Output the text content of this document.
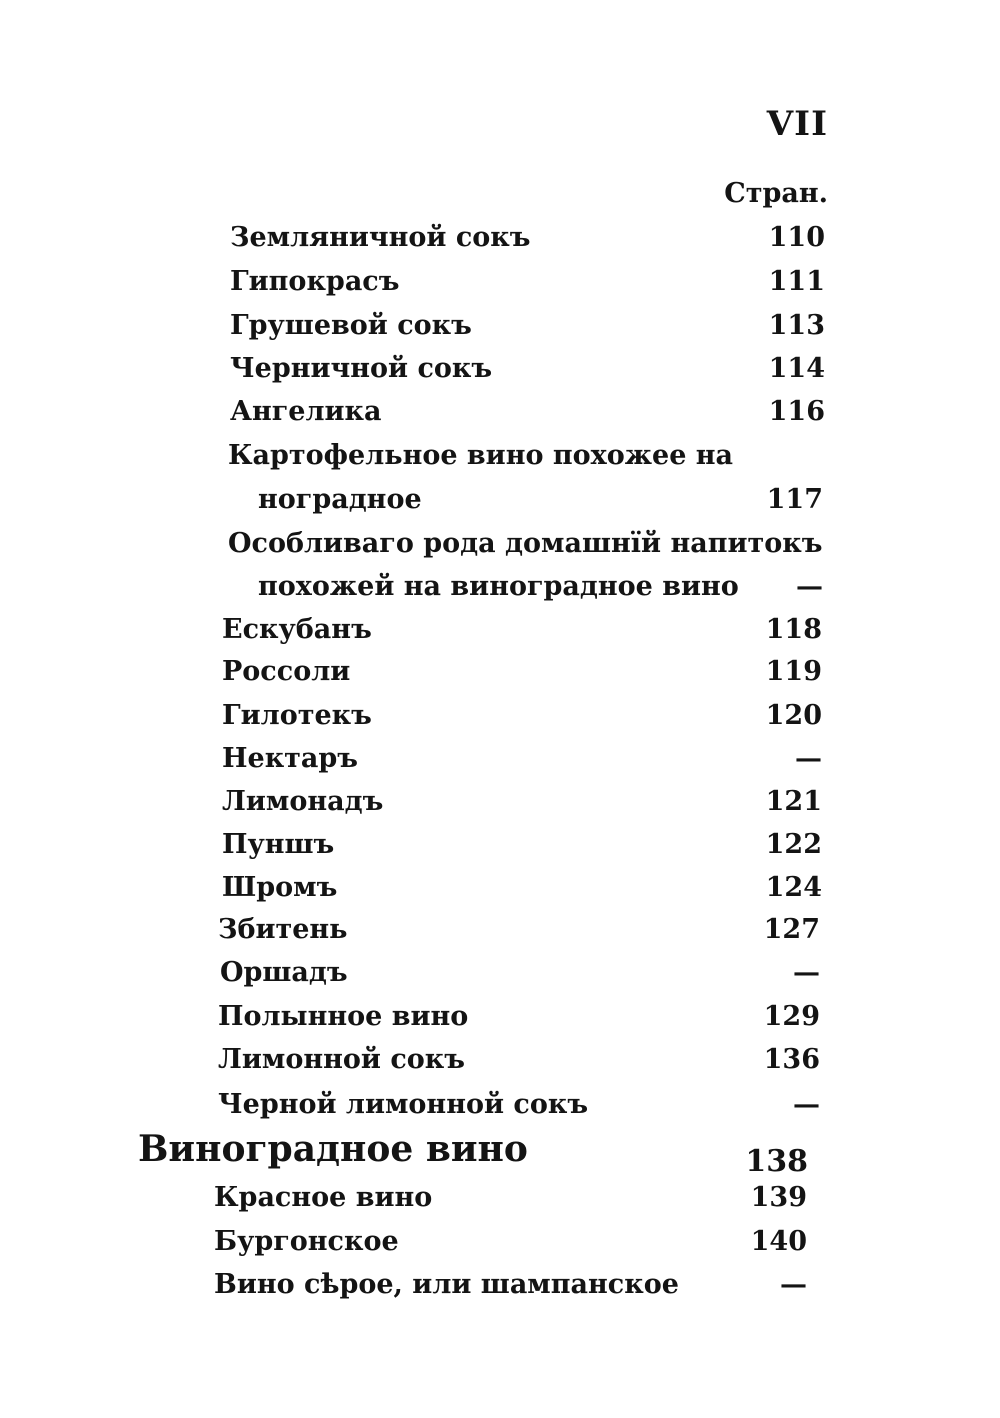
VII
Стран.
Земляничной сокъ	110
Гипокрасъ	111
Грушевой сокъ	113
Черничной сокъ	114
Ангелика	116
Картофельное вино похожее на
ноградное	117
Особливаго рода домашнїй напитокъ
похожей на виноградное вино	—
Ескубанъ	118
Россоли	119
Гилотекъ	120
Нектаръ	—
Лимонадъ	121
Пуншъ	122
Шромъ	124
Збитень	127
Оршадъ	—
Полынное вино	129
Лимонной сокъ	136
Черной лимонной сокъ	—
Виноградное вино	138
Красное вино	139
Бургонское	140
Вино сѣрое, или шампанское	—
